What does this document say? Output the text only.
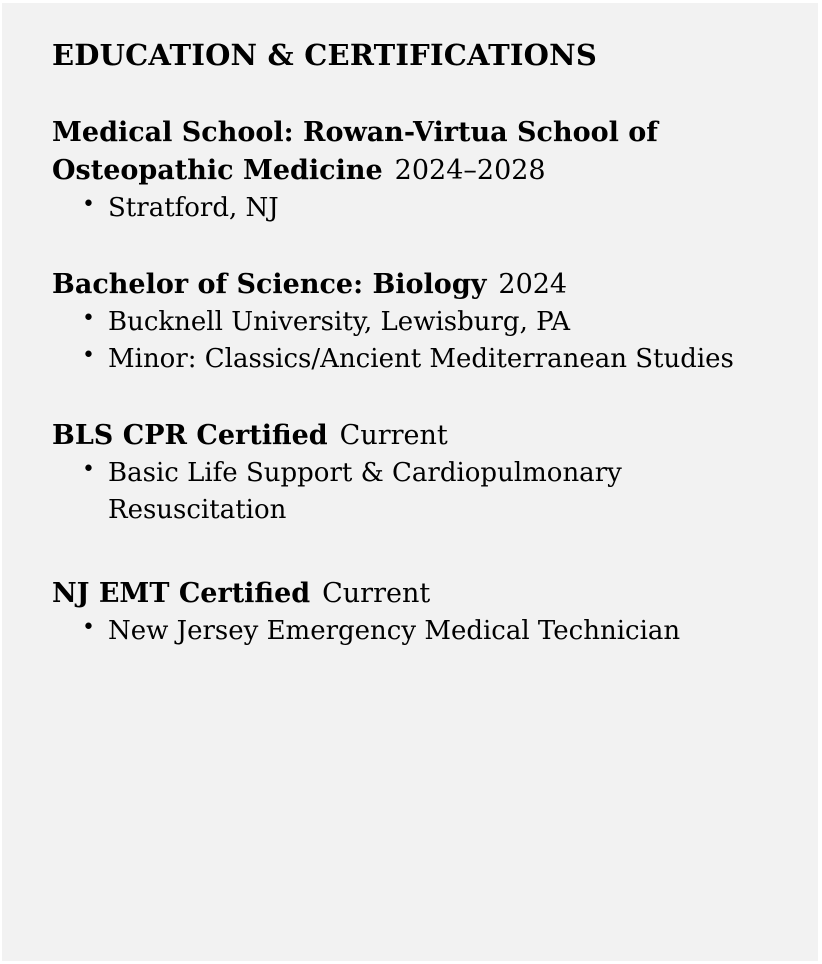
EDUCATION & CERTIFICATIONS

Medical School: Rowan-Virtua School of Osteopathic Medicine 2024–2028

• Stratford, NJ

Bachelor of Science: Biology 2024

• Bucknell University, Lewisburg, PA
• Minor: Classics/Ancient Mediterranean Studies

BLS CPR Certified Current

• Basic Life Support & Cardiopulmonary Resuscitation

NJ EMT Certified Current

• New Jersey Emergency Medical Technician
